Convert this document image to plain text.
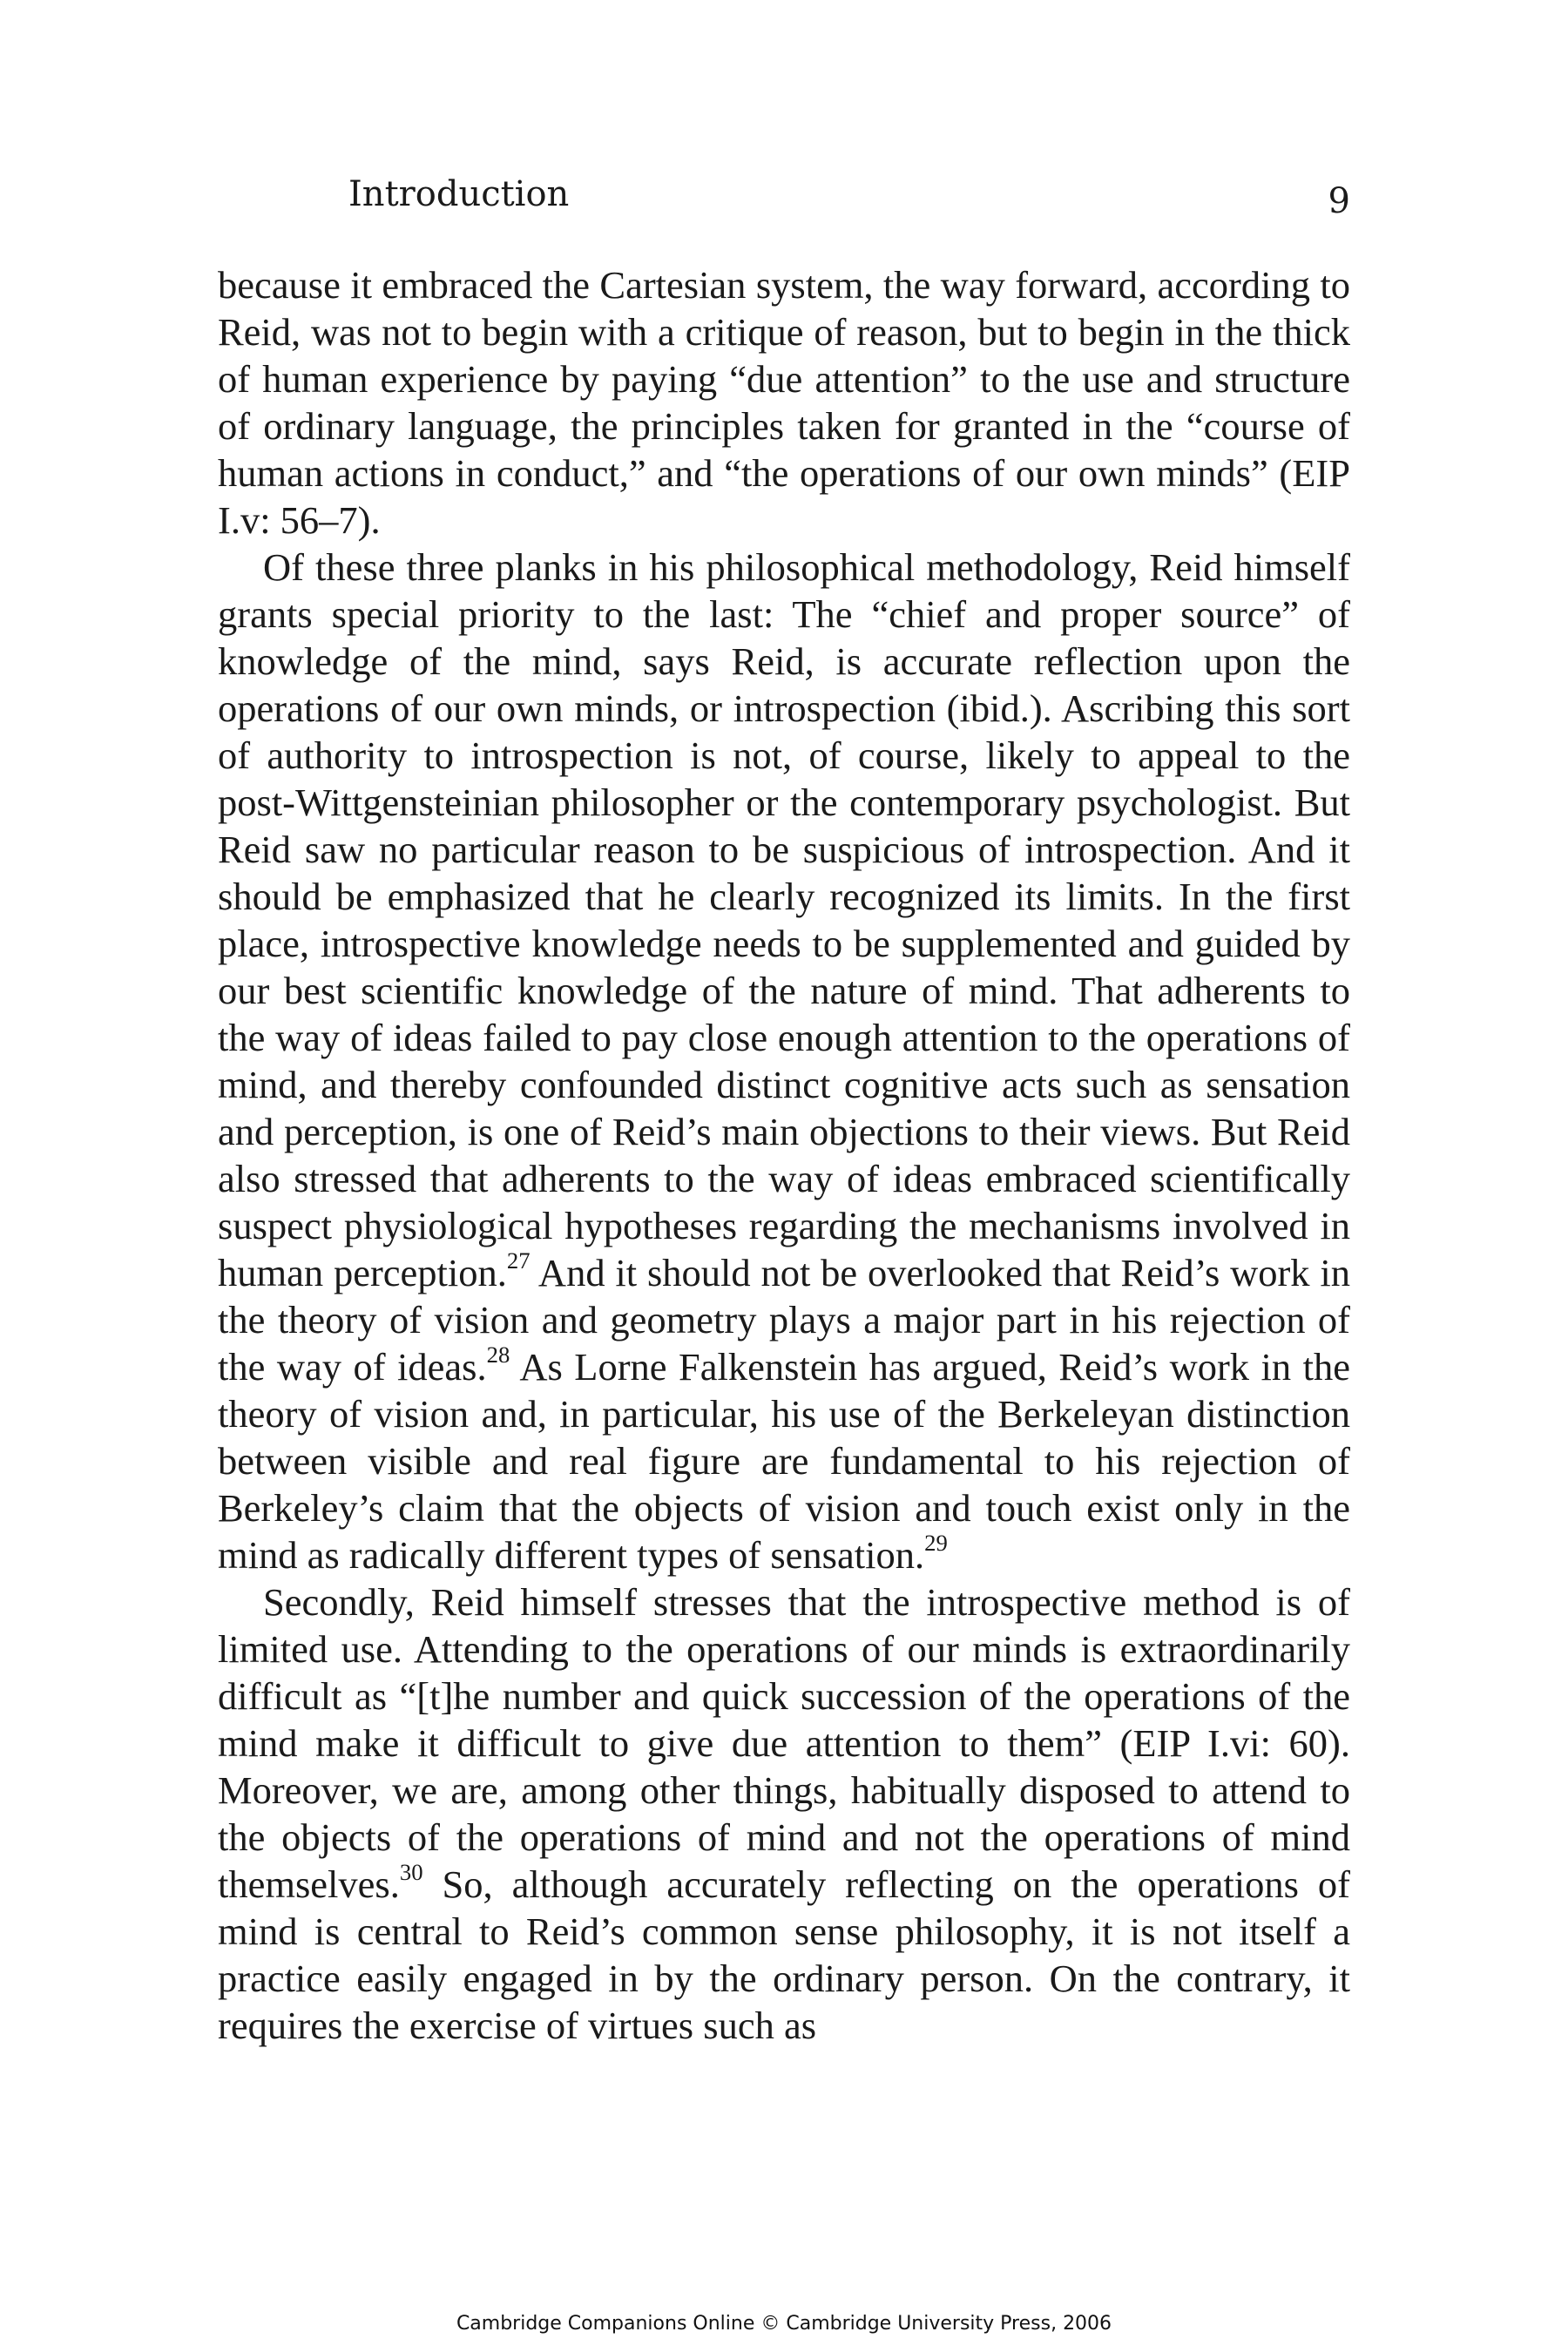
Introduction	9

because it embraced the Cartesian system, the way forward, according to Reid, was not to begin with a critique of reason, but to begin in the thick of human experience by paying “due attention” to the use and structure of ordinary language, the principles taken for granted in the “course of human actions in conduct,” and “the operations of our own minds” (EIP I.v: 56–7).

Of these three planks in his philosophical methodology, Reid himself grants special priority to the last: The “chief and proper source” of knowledge of the mind, says Reid, is accurate reflection upon the operations of our own minds, or introspection (ibid.). Ascribing this sort of authority to introspection is not, of course, likely to appeal to the post-Wittgensteinian philosopher or the contemporary psychologist. But Reid saw no particular reason to be suspicious of introspection. And it should be emphasized that he clearly recognized its limits. In the first place, introspective knowledge needs to be supplemented and guided by our best scientific knowledge of the nature of mind. That adherents to the way of ideas failed to pay close enough attention to the operations of mind, and thereby confounded distinct cognitive acts such as sensation and perception, is one of Reid’s main objections to their views. But Reid also stressed that adherents to the way of ideas embraced scientifically suspect physiological hypotheses regarding the mechanisms involved in human perception.$^{27}$ And it should not be overlooked that Reid’s work in the theory of vision and geometry plays a major part in his rejection of the way of ideas.$^{28}$ As Lorne Falkenstein has argued, Reid’s work in the theory of vision and, in particular, his use of the Berkeleyan distinction between visible and real figure are fundamental to his rejection of Berkeley’s claim that the objects of vision and touch exist only in the mind as radically different types of sensation.$^{29}$

Secondly, Reid himself stresses that the introspective method is of limited use. Attending to the operations of our minds is extraordinarily difficult as “[t]he number and quick succession of the operations of the mind make it difficult to give due attention to them” (EIP I.vi: 60). Moreover, we are, among other things, habitually disposed to attend to the objects of the operations of mind and not the operations of mind themselves.$^{30}$ So, although accurately reflecting on the operations of mind is central to Reid’s common sense philosophy, it is not itself a practice easily engaged in by the ordinary person. On the contrary, it requires the exercise of virtues such as

Cambridge Companions Online © Cambridge University Press, 2006
